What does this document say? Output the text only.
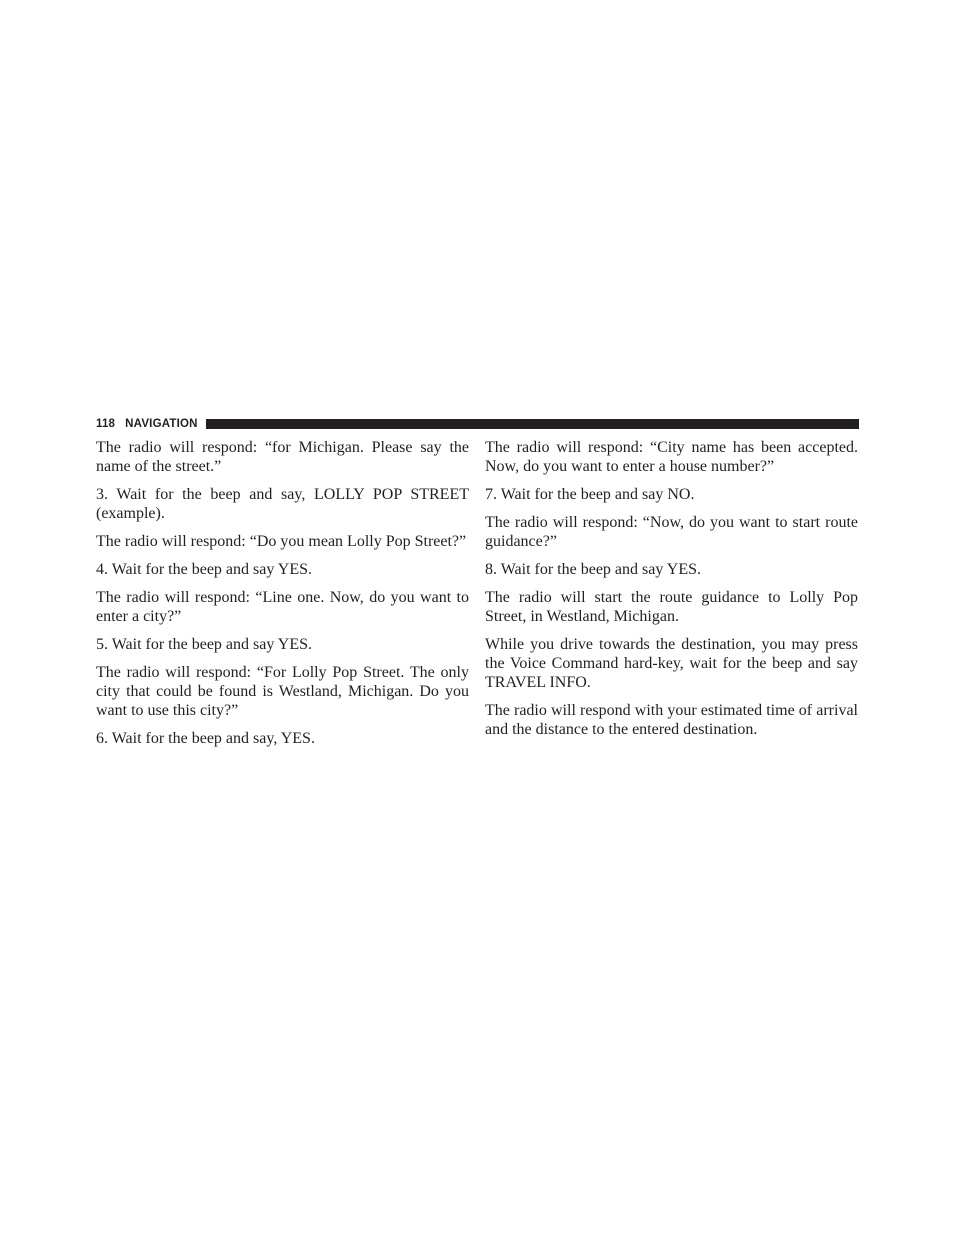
118 NAVIGATION

The radio will respond: “for Michigan. Please say the name of the street.”

3. Wait for the beep and say, LOLLY POP STREET (example).

The radio will respond: “Do you mean Lolly Pop Street?”

4. Wait for the beep and say YES.

The radio will respond: “Line one. Now, do you want to enter a city?”

5. Wait for the beep and say YES.

The radio will respond: “For Lolly Pop Street. The only city that could be found is Westland, Michigan. Do you want to use this city?”

6. Wait for the beep and say, YES.

The radio will respond: “City name has been accepted. Now, do you want to enter a house number?”

7. Wait for the beep and say NO.

The radio will respond: “Now, do you want to start route guidance?”

8. Wait for the beep and say YES.

The radio will start the route guidance to Lolly Pop Street, in Westland, Michigan.

While you drive towards the destination, you may press the Voice Command hard-key, wait for the beep and say TRAVEL INFO.

The radio will respond with your estimated time of arrival and the distance to the entered destination.
